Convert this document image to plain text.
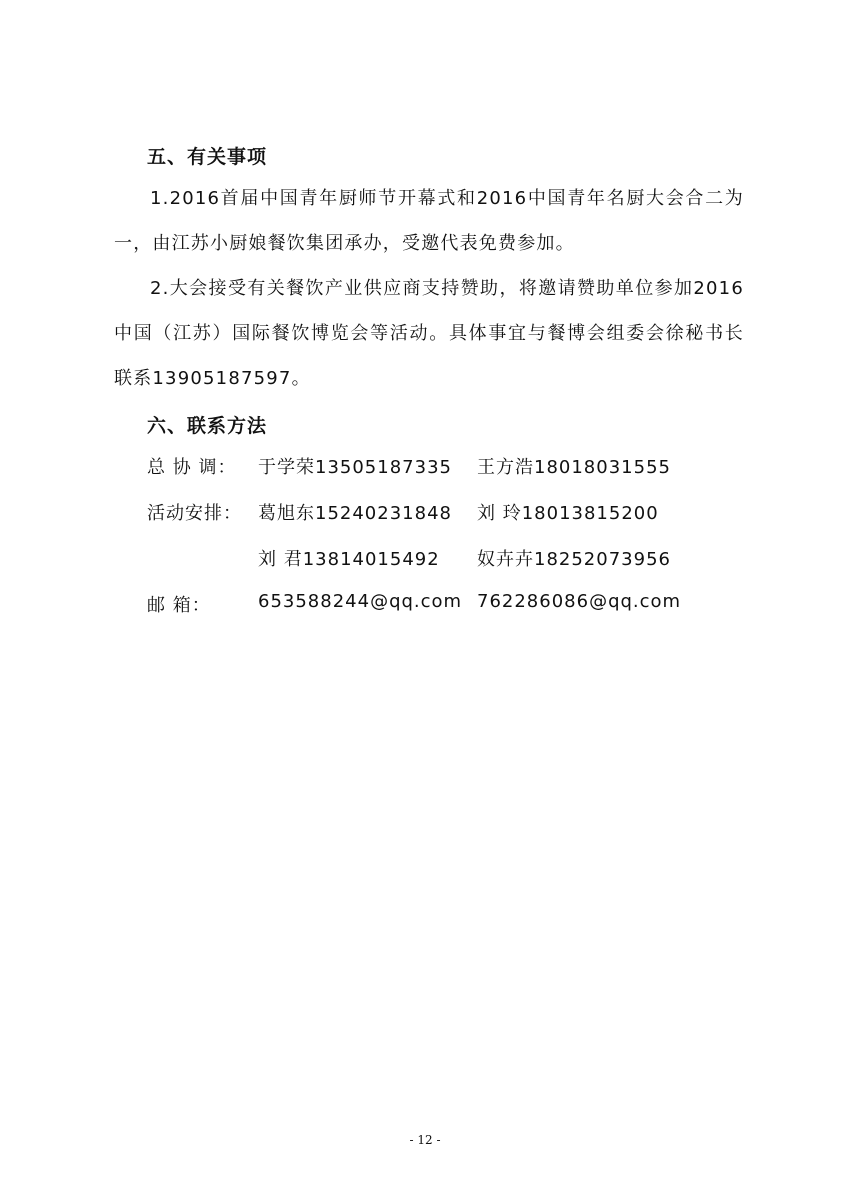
五、有关事项

1.2016首届中国青年厨师节开幕式和2016中国青年名厨大会合二为一，由江苏小厨娘餐饮集团承办，受邀代表免费参加。

2.大会接受有关餐饮产业供应商支持赞助，将邀请赞助单位参加2016中国（江苏）国际餐饮博览会等活动。具体事宜与餐博会组委会徐秘书长联系13905187597。

六、联系方法
总 协 调： 于学荣13505187335 王方浩18018031555
活动安排： 葛旭东15240231848 刘 玲18013815200
刘 君13814015492 奴卉卉18252073956
邮 箱：	653588244@qq.com 762286086@qq.com
- 12 -
